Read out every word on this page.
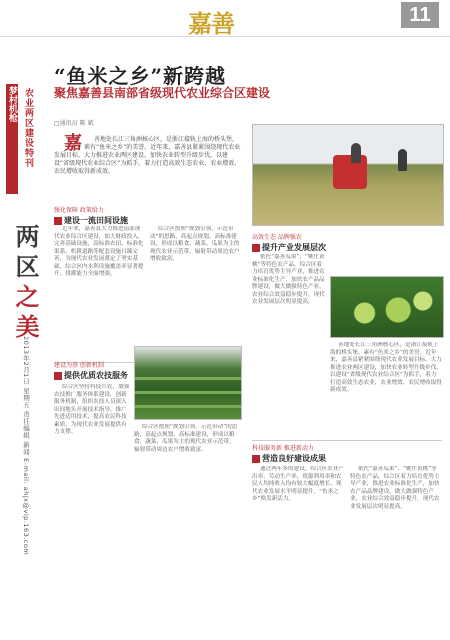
嘉善	11
梦村机枪 农业两区建设特刊
两区之美
2013年2月1日 星期五 责任编辑 新闻 E-mail: ahjx@vip.163.com
“鱼米之乡”新跨越
聚焦嘉善县南部省级现代农业综合区建设
□通讯员 陈 斌
嘉 善地处长江三角洲核心区，是浙江接轨上海的桥头堡，素有“鱼米之乡”的美誉。近年来，嘉善县紧紧围绕现代农业发展目标，大力推进农业两区建设，加快农业转型升级步伐，以建设“省级现代农业综合区”为抓手，着力打造高效生态农业，农业增效、农民增收取得新成效。
强化保障 政策给力
建设一流田间设施
近年来，嘉善县大力推进南部现代农业综合区建设，加大财政投入，完善基础设施，高标准农田、标准化渠系、机耕道路等配套设施日臻完善，为现代农业发展奠定了坚实基础。综合区内水利设施覆盖率显著提升，排灌能力全面增强。
综合区按照“规划引领、示范带动”的思路，高起点规划、高标准建设，形成以粮食、蔬菜、瓜果为主的现代农业示范带，辐射带动周边农户增收致富。
高效生态 品牌强农
提升产业发展层次
依托“嘉善瓜果”、“姚庄黄桃”等特色农产品，综合区着力培育优势主导产业，推进农业标准化生产，加快农产品品牌建设，做大做强特色产业，农业综合效益稳步提升，现代农业发展层次明显提高。
善地处长江三角洲核心区，是浙江接轨上海的桥头堡，素有“鱼米之乡”的美誉。近年来，嘉善县紧紧围绕现代农业发展目标，大力推进农业两区建设，加快农业转型升级步伐，以建设“省级现代农业综合区”为抓手，着力打造高效生态农业，农业增效、农民增收取得新成效。
建设为基 创新机制
提供优质农技服务
综合区坚持科技兴农，加强农技推广服务体系建设，创新服务机制，组织农技人员深入田间地头开展技术指导，推广先进适用技术，提高农民科技素质，为现代农业发展提供有力支撑。
综合区按照“规划引领、示范带动”的思路，高起点规划、高标准建设，形成以粮食、蔬菜、瓜果为主的现代农业示范带，辐射带动周边农户增收致富。	科技服务新 推进新动力
营造良好建设成果
通过两年多的建设，综合区农业产出率、劳动生产率、资源利用率和农民人均纯收入均有较大幅度增长，现代农业发展水平明显提升，“鱼米之乡”焕发新活力。
依托“嘉善瓜果”、“姚庄黄桃”等特色农产品，综合区着力培育优势主导产业，推进农业标准化生产，加快农产品品牌建设，做大做强特色产业，农业综合效益稳步提升，现代农业发展层次明显提高。
